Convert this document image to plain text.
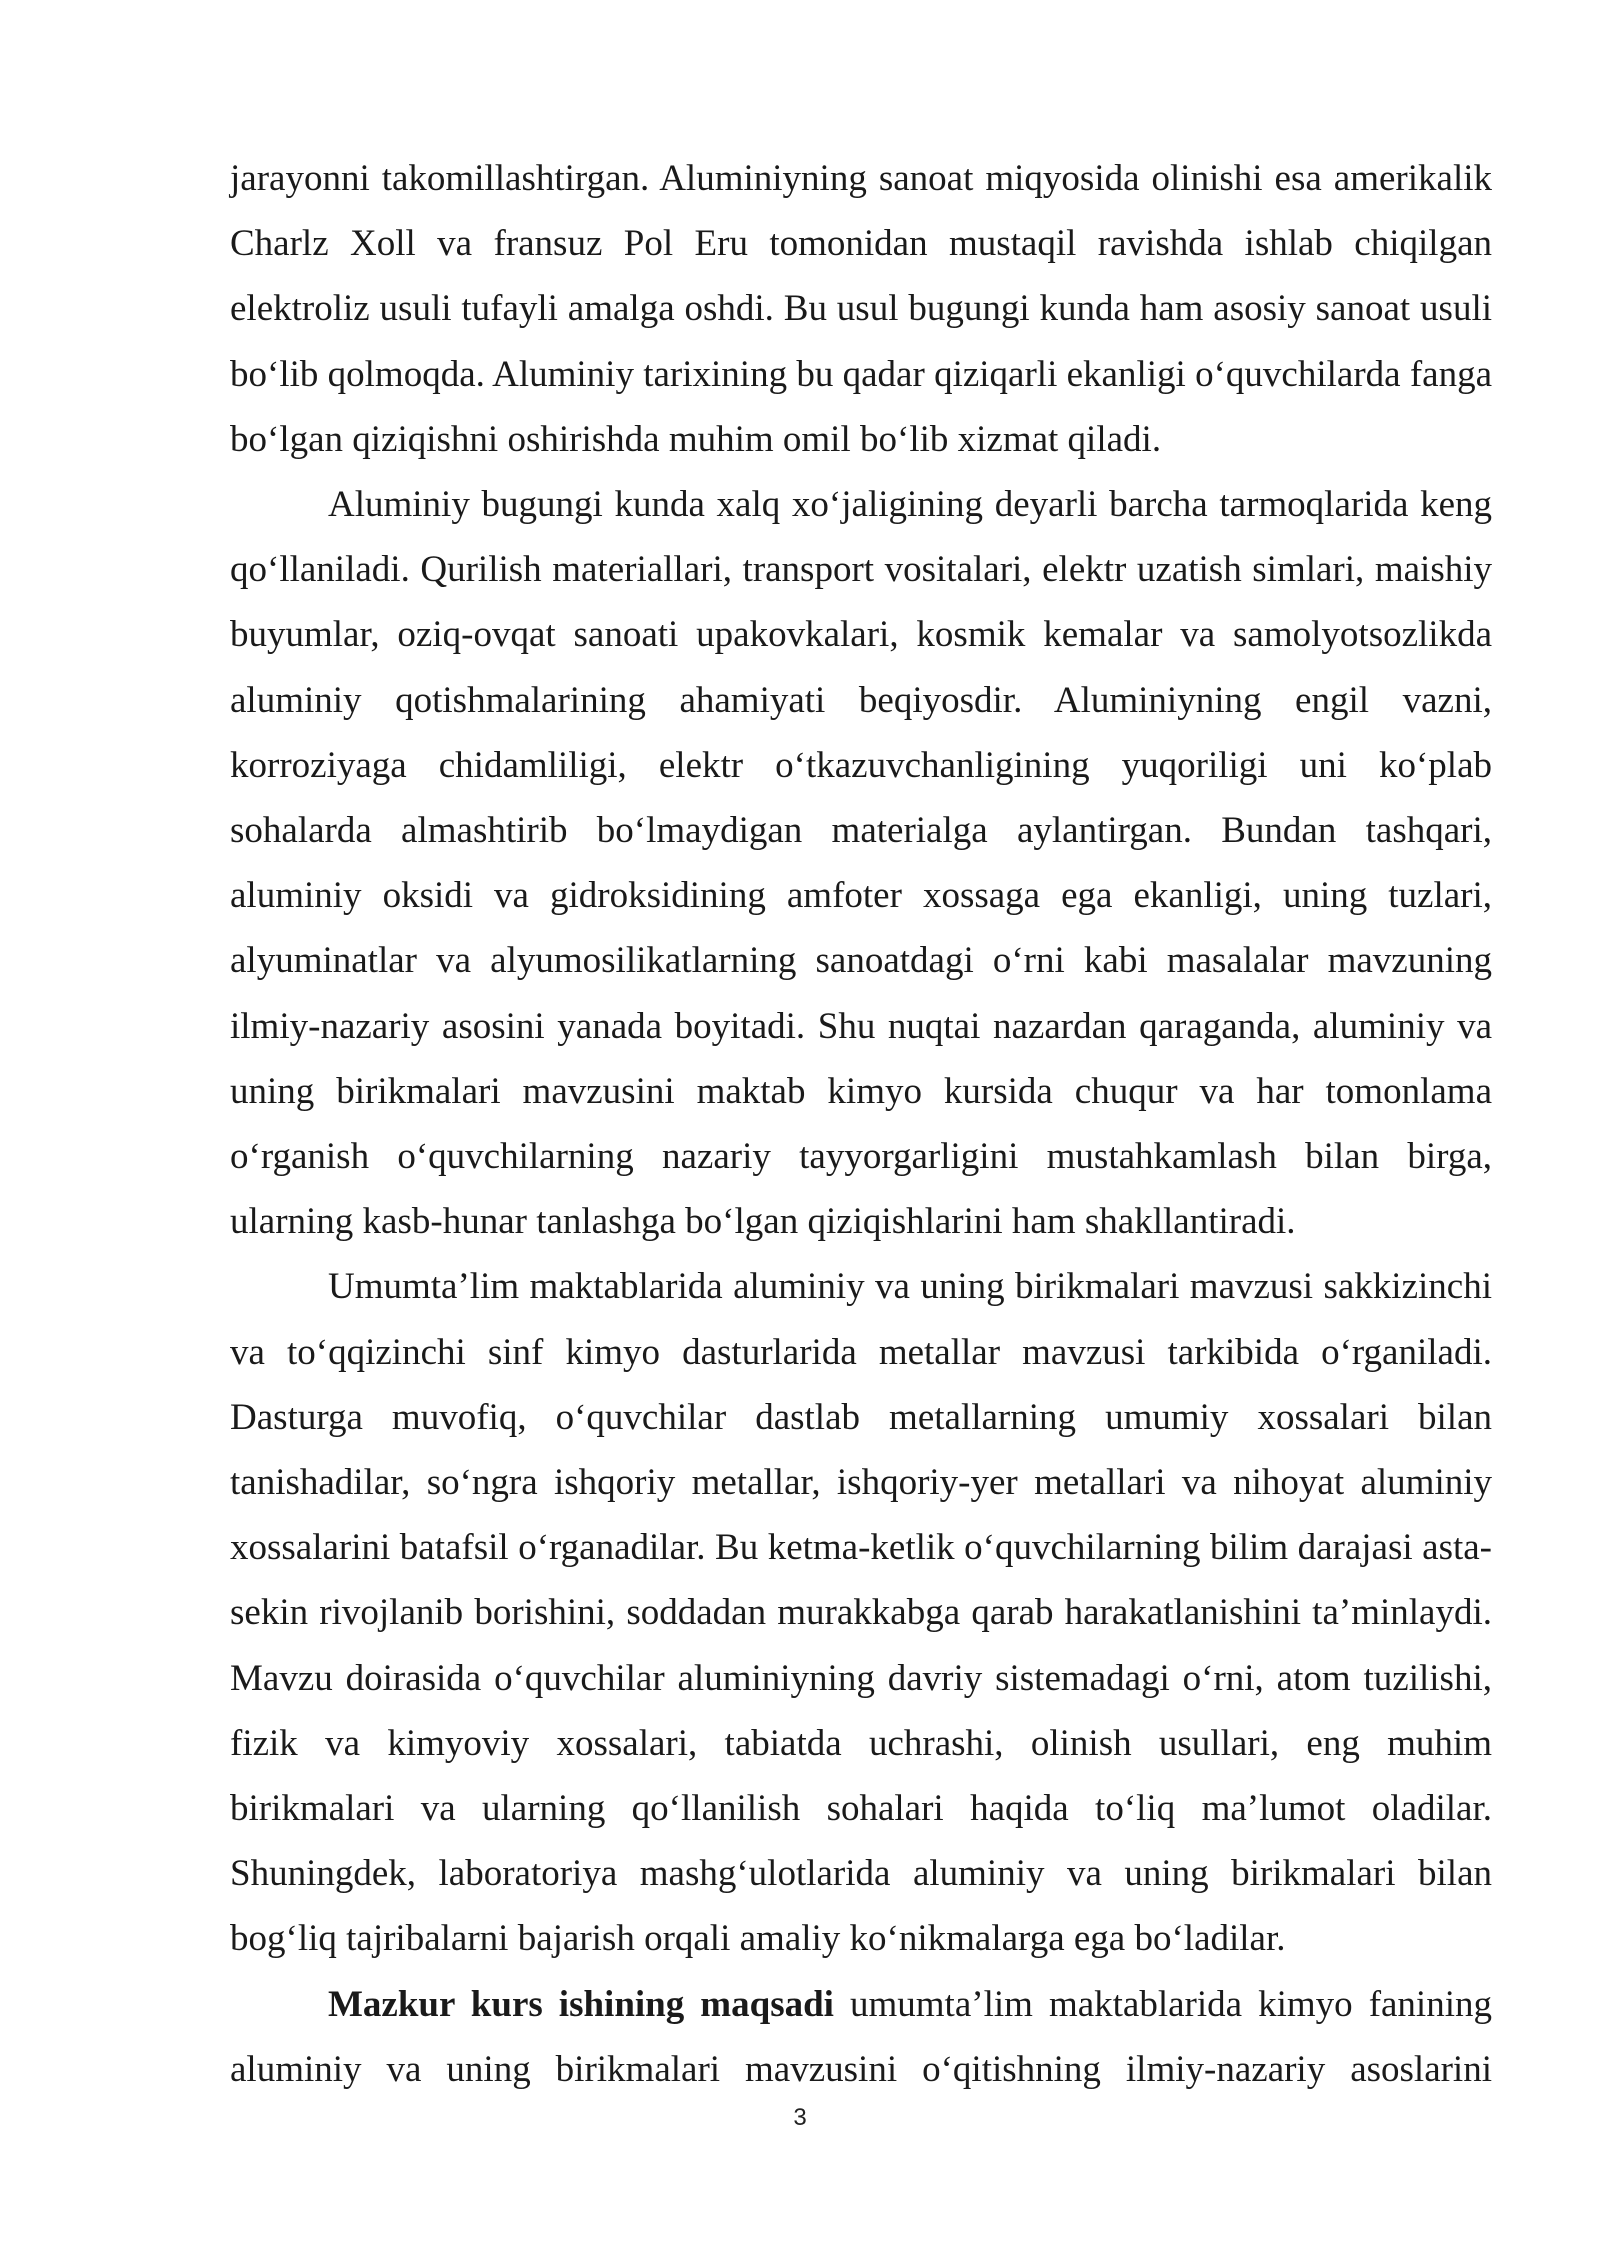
jarayonni takomillashtirgan. Aluminiyning sanoat miqyosida olinishi esa amerikalik Charlz Xoll va fransuz Pol Eru tomonidan mustaqil ravishda ishlab chiqilgan elektroliz usuli tufayli amalga oshdi. Bu usul bugungi kunda ham asosiy sanoat usuli bo‘lib qolmoqda. Aluminiy tarixining bu qadar qiziqarli ekanligi o‘quvchilarda fanga bo‘lgan qiziqishni oshirishda muhim omil bo‘lib xizmat qiladi.

Aluminiy bugungi kunda xalq xo‘jaligining deyarli barcha tarmoqlarida keng qo‘llaniladi. Qurilish materiallari, transport vositalari, elektr uzatish simlari, maishiy buyumlar, oziq-ovqat sanoati upakovkalari, kosmik kemalar va samolyotsozlikda aluminiy qotishmalarining ahamiyati beqiyosdir. Aluminiyning engil vazni, korroziyaga chidamliligi, elektr o‘tkazuvchanligining yuqoriligi uni ko‘plab sohalarda almashtirib bo‘lmaydigan materialga aylantirgan. Bundan tashqari, aluminiy oksidi va gidroksidining amfoter xossaga ega ekanligi, uning tuzlari, alyuminatlar va alyumosilikatlarning sanoatdagi o‘rni kabi masalalar mavzuning ilmiy-nazariy asosini yanada boyitadi. Shu nuqtai nazardan qaraganda, aluminiy va uning birikmalari mavzusini maktab kimyo kursida chuqur va har tomonlama o‘rganish o‘quvchilarning nazariy tayyorgarligini mustahkamlash bilan birga, ularning kasb-hunar tanlashga bo‘lgan qiziqishlarini ham shakllantiradi.

Umumta’lim maktablarida aluminiy va uning birikmalari mavzusi sakkizinchi va to‘qqizinchi sinf kimyo dasturlarida metallar mavzusi tarkibida o‘rganiladi. Dasturga muvofiq, o‘quvchilar dastlab metallarning umumiy xossalari bilan tanishadilar, so‘ngra ishqoriy metallar, ishqoriy-yer metallari va nihoyat aluminiy xossalarini batafsil o‘rganadilar. Bu ketma-ketlik o‘quvchilarning bilim darajasi asta-sekin rivojlanib borishini, soddadan murakkabga qarab harakatlanishini ta’minlaydi. Mavzu doirasida o‘quvchilar aluminiyning davriy sistemadagi o‘rni, atom tuzilishi, fizik va kimyoviy xossalari, tabiatda uchrashi, olinish usullari, eng muhim birikmalari va ularning qo‘llanilish sohalari haqida to‘liq ma’lumot oladilar. Shuningdek, laboratoriya mashg‘ulotlarida aluminiy va uning birikmalari bilan bog‘liq tajribalarni bajarish orqali amaliy ko‘nikmalarga ega bo‘ladilar.

Mazkur kurs ishining maqsadi umumta’lim maktablarida kimyo fanining aluminiy va uning birikmalari mavzusini o‘qitishning ilmiy-nazariy asoslarini

3
